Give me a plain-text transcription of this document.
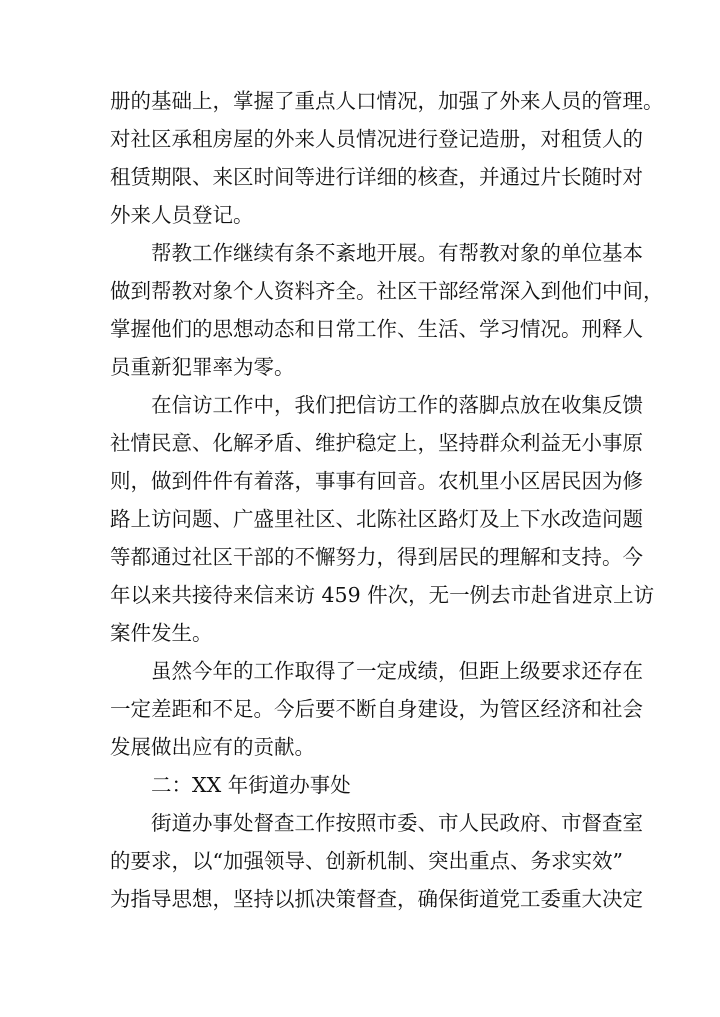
册的基础上，掌握了重点人口情况，加强了外来人员的管理。
对社区承租房屋的外来人员情况进行登记造册，对租赁人的
租赁期限、来区时间等进行详细的核查，并通过片长随时对
外来人员登记。
帮教工作继续有条不紊地开展。有帮教对象的单位基本
做到帮教对象个人资料齐全。社区干部经常深入到他们中间，
掌握他们的思想动态和日常工作、生活、学习情况。刑释人
员重新犯罪率为零。
在信访工作中，我们把信访工作的落脚点放在收集反馈
社情民意、化解矛盾、维护稳定上，坚持群众利益无小事原
则，做到件件有着落，事事有回音。农机里小区居民因为修
路上访问题、广盛里社区、北陈社区路灯及上下水改造问题
等都通过社区干部的不懈努力，得到居民的理解和支持。今
年以来共接待来信来访 459 件次，无一例去市赴省进京上访
案件发生。
虽然今年的工作取得了一定成绩，但距上级要求还存在
一定差距和不足。今后要不断自身建设，为管区经济和社会
发展做出应有的贡献。
二：XX 年街道办事处
街道办事处督查工作按照市委、市人民政府、市督查室
的要求，以“加强领导、创新机制、突出重点、务求实效”
为指导思想，坚持以抓决策督查，确保街道党工委重大决定
